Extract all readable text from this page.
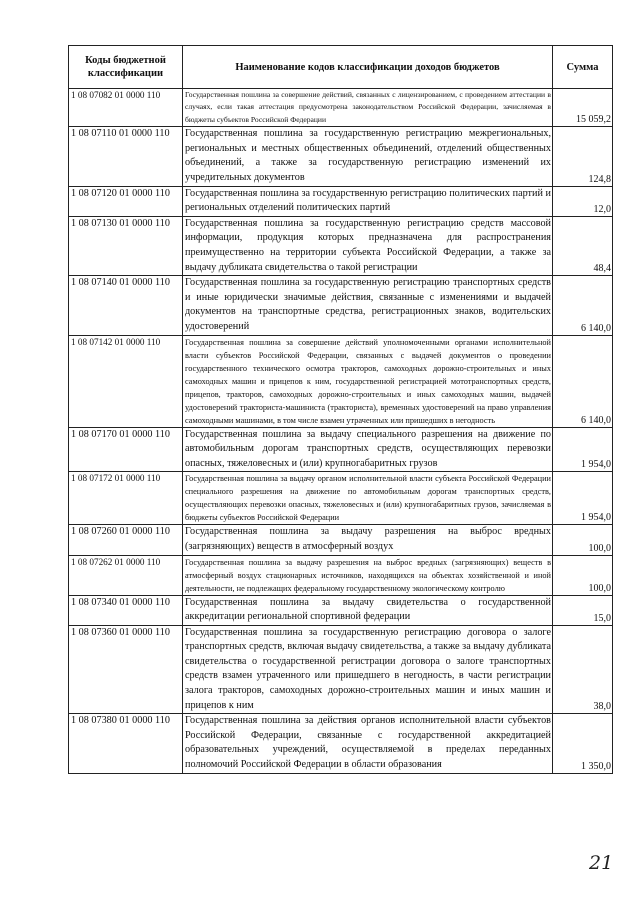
Коды бюджетной классификации	Наименование кодов классификации доходов бюджетов	Сумма
1 08 07082 01 0000 110	Государственная пошлина за совершение действий, связанных с лицензированием, с проведением аттестации в случаях, если такая аттестация предусмотрена законодательством Российской Федерации, зачисляемая в бюджеты субъектов Российской Федерации	15 059,2
1 08 07110 01 0000 110	Государственная пошлина за государственную регистрацию межрегиональных, региональных и местных общественных объединений, отделений общественных объединений, а также за государственную регистрацию изменений их учредительных документов	124,8
1 08 07120 01 0000 110	Государственная пошлина за государственную регистрацию политических партий и региональных отделений политических партий	12,0
1 08 07130 01 0000 110	Государственная пошлина за государственную регистрацию средств массовой информации, продукция которых предназначена для распространения преимущественно на территории субъекта Российской Федерации, а также за выдачу дубликата свидетельства о такой регистрации	48,4
1 08 07140 01 0000 110	Государственная пошлина за государственную регистрацию транспортных средств и иные юридически значимые действия, связанные с изменениями и выдачей документов на транспортные средства, регистрационных знаков, водительских удостоверений	6 140,0
1 08 07142 01 0000 110	Государственная пошлина за совершение действий уполномоченными органами исполнительной власти субъектов Российской Федерации, связанных с выдачей документов о проведении государственного технического осмотра тракторов, самоходных дорожно-строительных и иных самоходных машин и прицепов к ним, государственной регистрацией мототранспортных средств, прицепов, тракторов, самоходных дорожно-строительных и иных самоходных машин, выдачей удостоверений тракториста-машиниста (тракториста), временных удостоверений на право управления самоходными машинами, в том числе взамен утраченных или пришедших в негодность	6 140,0
1 08 07170 01 0000 110	Государственная пошлина за выдачу специального разрешения на движение по автомобильным дорогам транспортных средств, осуществляющих перевозки опасных, тяжеловесных и (или) крупногабаритных грузов	1 954,0
1 08 07172 01 0000 110	Государственная пошлина за выдачу органом исполнительной власти субъекта Российской Федерации специального разрешения на движение по автомобильным дорогам транспортных средств, осуществляющих перевозки опасных, тяжеловесных и (или) крупногабаритных грузов, зачисляемая в бюджеты субъектов Российской Федерации	1 954,0
1 08 07260 01 0000 110	Государственная пошлина за выдачу разрешения на выброс вредных (загрязняющих) веществ в атмосферный воздух	100,0
1 08 07262 01 0000 110	Государственная пошлина за выдачу разрешения на выброс вредных (загрязняющих) веществ в атмосферный воздух стационарных источников, находящихся на объектах хозяйственной и иной деятельности, не подлежащих федеральному государственному экологическому контролю	100,0
1 08 07340 01 0000 110	Государственная пошлина за выдачу свидетельства о государственной аккредитации региональной спортивной федерации	15,0
1 08 07360 01 0000 110	Государственная пошлина за государственную регистрацию договора о залоге транспортных средств, включая выдачу свидетельства, а также за выдачу дубликата свидетельства о государственной регистрации договора о залоге транспортных средств взамен утраченного или пришедшего в негодность, в части регистрации залога тракторов, самоходных дорожно-строительных машин и иных машин и прицепов к ним	38,0
1 08 07380 01 0000 110	Государственная пошлина за действия органов исполнительной власти субъектов Российской Федерации, связанные с государственной аккредитацией образовательных учреждений, осуществляемой в пределах переданных полномочий Российской Федерации в области образования	1 350,0
21
